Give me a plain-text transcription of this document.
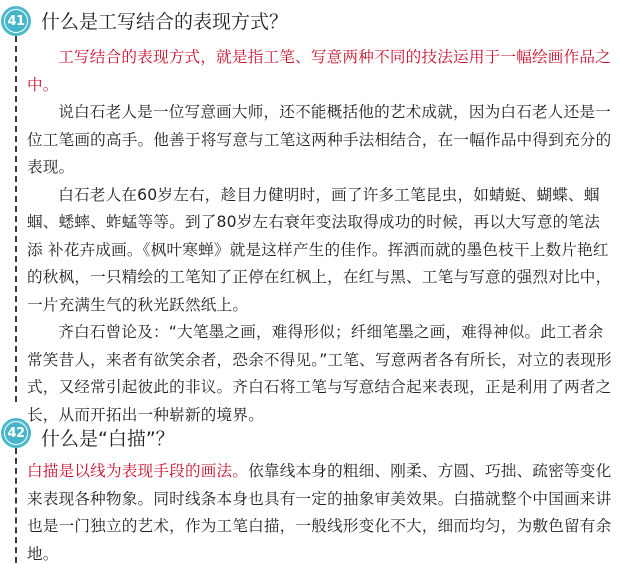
41 什么是工写结合的表现方式？

工写结合的表现方式，就是指工笔、写意两种不同的技法运用于一幅绘画作品之中。

说白石老人是一位写意画大师，还不能概括他的艺术成就，因为白石老人还是一位工笔画的高手。他善于将写意与工笔这两种手法相结合，在一幅作品中得到充分的表现。

白石老人在60岁左右，趁目力健明时，画了许多工笔昆虫，如蜻蜓、蝴蝶、蝈蝈、蟋蟀、蚱蜢等等。到了80岁左右衰年变法取得成功的时候，再以大写意的笔法添 补花卉成画。《枫叶寒蝉》就是这样产生的佳作。挥洒而就的墨色枝干上数片艳红的秋枫，一只精绘的工笔知了正停在红枫上，在红与黑、工笔与写意的强烈对比中，一片充满生气的秋光跃然纸上。

齐白石曾论及：“大笔墨之画，难得形似；纤细笔墨之画，难得神似。此工者余常笑昔人，来者有欲笑余者，恐余不得见。”工笔、写意两者各有所长，对立的表现形式，又经常引起彼此的非议。齐白石将工笔与写意结合起来表现，正是利用了两者之长，从而开拓出一种崭新的境界。

42 什么是“白描”？

白描是以线为表现手段的画法。依靠线本身的粗细、刚柔、方圆、巧拙、疏密等变化来表现各种物象。同时线条本身也具有一定的抽象审美效果。白描就整个中国画来讲也是一门独立的艺术，作为工笔白描，一般线形变化不大，细而均匀，为敷色留有余地。
